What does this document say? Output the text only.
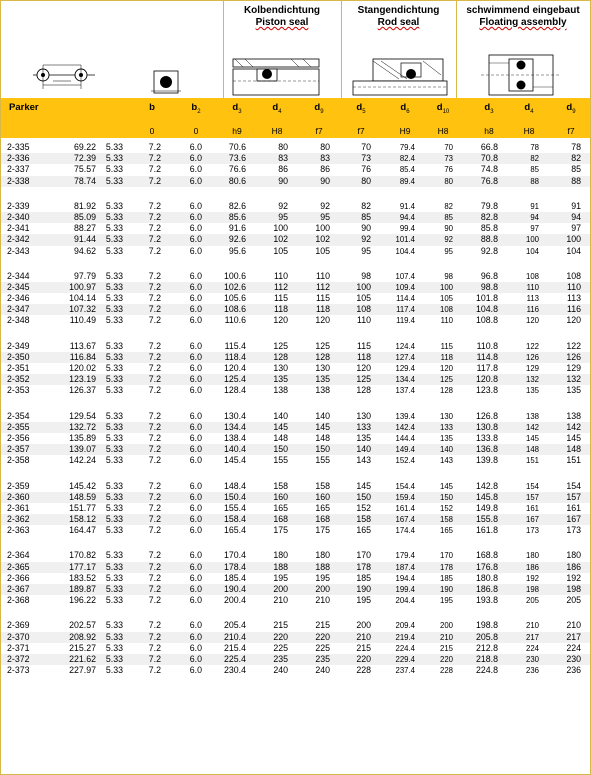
Kolbendichtung
Piston seal
Stangendichtung
Rod seal
schwimmend eingebaut
Floating assembly
Parker	b	$b_2$	$d_3$	$d_4$	$d_9$	$d_5$	$d_6$	$d_{10}$	$d_3$	$d_4$	$d_9$
0	0	h9	H8	f7	f7	H9	H8	h8	H8	f7
2-335	69.22 5.33	7.2	6.0	70.6	80	80	70	79.4	70	66.8	78	78
2-336	72.39 5.33	7.2	6.0	73.6	83	83	73	82.4	73	70.8	82	82
2-337	75.57 5.33	7.2	6.0	76.6	86	86	76	85.4	76	74.8	85	85
2-338	78.74 5.33	7.2	6.0	80.6	90	90	80	89.4	80	76.8	88	88
2-339	81.92 5.33	7.2	6.0	82.6	92	92	82	91.4	82	79.8	91	91
2-340	85.09 5.33	7.2	6.0	85.6	95	95	85	94.4	85	82.8	94	94
2-341	88.27 5.33	7.2	6.0	91.6	100	100	90	99.4	90	85.8	97	97
2-342	91.44 5.33	7.2	6.0	92.6	102	102	92	101.4	92	88.8	100	100
2-343	94.62 5.33	7.2	6.0	95.6	105	105	95	104.4	95	92.8	104	104
2-344	97.79 5.33	7.2	6.0 100.6	110	110	98	107.4	98	96.8	108	108
2-345	100.97 5.33	7.2	6.0 102.6	112	112	100	109.4	100	98.8	110	110
2-346	104.14 5.33	7.2	6.0 105.6	115	115	105	114.4	105	101.8	113	113
2-347	107.32 5.33	7.2	6.0 108.6	118	118	108	117.4	108	104.8	116	116
2-348	110.49 5.33	7.2	6.0	110.6	120	120	110	119.4	110	108.8	120	120
2-349	113.67 5.33	7.2	6.0	115.4	125	125	115	124.4	115	110.8	122	122
2-350	116.84 5.33	7.2	6.0	118.4	128	128	118	127.4	118	114.8	126	126
2-351	120.02 5.33	7.2	6.0 120.4	130	130	120	129.4	120	117.8	129	129
2-352	123.19 5.33	7.2	6.0 125.4	135	135	125	134.4	125	120.8	132	132
2-353	126.37 5.33	7.2	6.0 128.4	138	138	128	137.4	128	123.8	135	135
2-354	129.54 5.33	7.2	6.0 130.4	140	140	130	139.4	130	126.8	138	138
2-355	132.72 5.33	7.2	6.0 134.4	145	145	133	142.4	133	130.8	142	142
2-356	135.89 5.33	7.2	6.0 138.4	148	148	135	144.4	135	133.8	145	145
2-357	139.07 5.33	7.2	6.0 140.4	150	150	140	149.4	140	136.8	148	148
2-358	142.24 5.33	7.2	6.0 145.4	155	155	143	152.4	143	139.8	151	151
2-359	145.42 5.33	7.2	6.0 148.4	158	158	145	154.4	145	142.8	154	154
2-360	148.59 5.33	7.2	6.0 150.4	160	160	150	159.4	150	145.8	157	157
2-361	151.77 5.33	7.2	6.0 155.4	165	165	152	161.4	152	149.8	161	161
2-362	158.12 5.33	7.2	6.0 158.4	168	168	158	167.4	158	155.8	167	167
2-363	164.47 5.33	7.2	6.0 165.4	175	175	165	174.4	165	161.8	173	173
2-364	170.82 5.33	7.2	6.0 170.4	180	180	170	179.4	170	168.8	180	180
2-365	177.17 5.33	7.2	6.0 178.4	188	188	178	187.4	178	176.8	186	186
2-366	183.52 5.33	7.2	6.0 185.4	195	195	185	194.4	185	180.8	192	192
2-367	189.87 5.33	7.2	6.0 190.4	200	200	190	199.4	190	186.8	198	198
2-368	196.22 5.33	7.2	6.0 200.4	210	210	195	204.4	195	193.8	205	205
2-369	202.57 5.33	7.2	6.0 205.4	215	215	200	209.4	200	198.8	210	210
2-370	208.92 5.33	7.2	6.0 210.4	220	220	210	219.4	210	205.8	217	217
2-371	215.27 5.33	7.2	6.0 215.4	225	225	215	224.4	215	212.8	224	224
2-372	221.62 5.33	7.2	6.0 225.4	235	235	220	229.4	220	218.8	230	230
2-373	227.97 5.33	7.2	6.0 230.4	240	240	228	237.4	228	224.8	236	236
